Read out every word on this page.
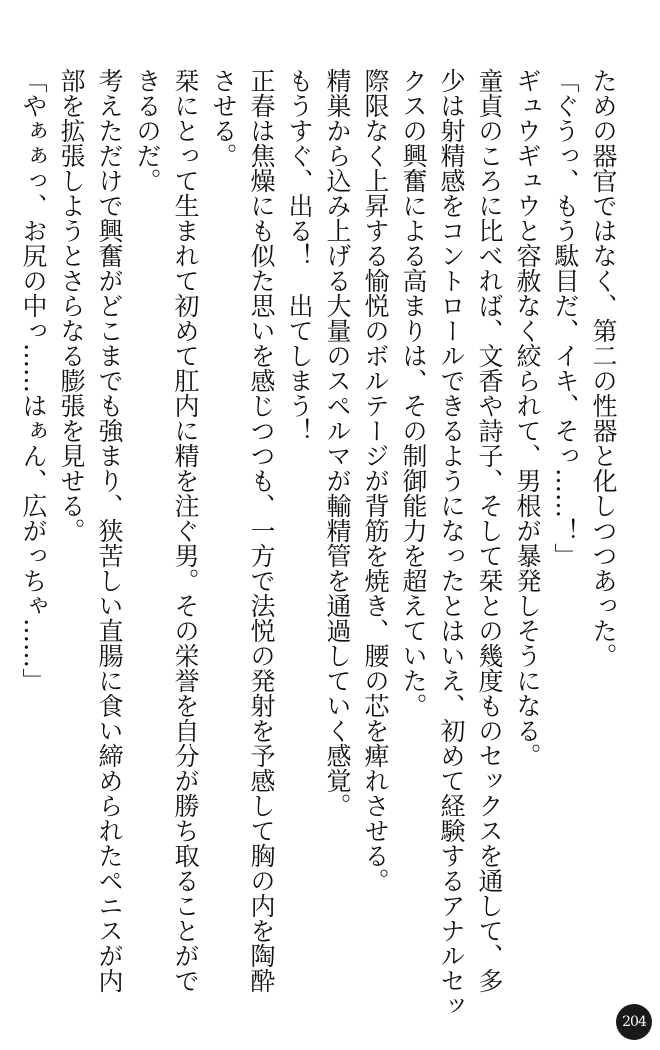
ための器官ではなく、第二の性器と化しつつあった。
「ぐうっ、もう駄目だ、イキ、そっ……！」
ギュウギュウと容赦なく絞られて、男根が暴発しそうになる。
童貞のころに比べれば、文香や詩子、そして栞との幾度ものセックスを通して、多
少は射精感をコントロールできるようになったとはいえ、初めて経験するアナルセッ
クスの興奮による高まりは、その制御能力を超えていた。
際限なく上昇する愉悦のボルテージが背筋を焼き、腰の芯を痺れさせる。
精巣から込み上げる大量のスペルマが輸精管を通過していく感覚。
もうすぐ、出る！　出てしまう！
正春は焦燥にも似た思いを感じつつも、一方で法悦の発射を予感して胸の内を陶酔
させる。
栞にとって生まれて初めて肛内に精を注ぐ男。その栄誉を自分が勝ち取ることがで
きるのだ。
考えただけで興奮がどこまでも強まり、狭苦しい直腸に食い締められたペニスが内
部を拡張しようとさらなる膨張を見せる。
「やぁぁっ、お尻の中っ……はぁん、広がっちゃ……」
204
